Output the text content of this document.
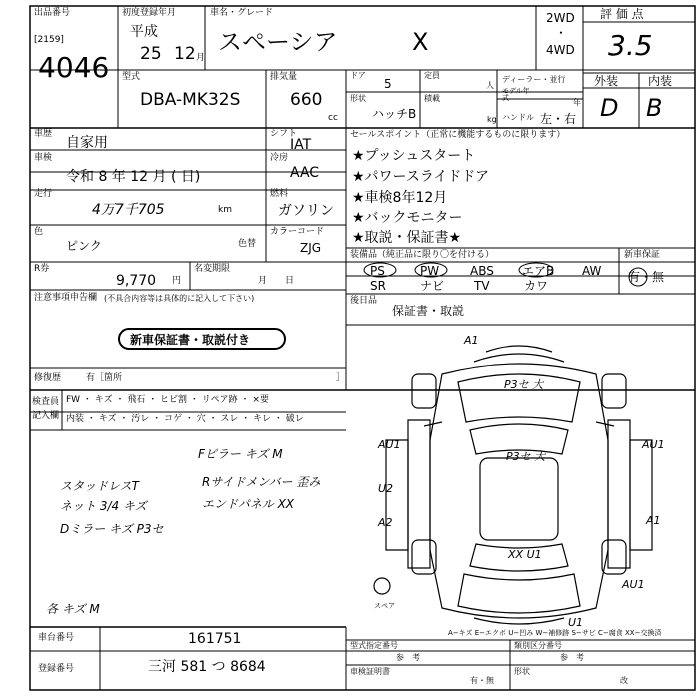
出品番号
[2159]
4046
初度登録年月
平成
25 12 月
車名・グレード
スペーシア	X
2WD
・
4WD
評 価 点
3.5
外装 内装
D B
型式
DBA-MK32S
排気量
660
cc
ドア
5
定員
人
形状
ハッチB
積載
kg
ディーラー・並行
モデル年式	年
ハンドル 左・右
車歴
自家用
シフト
IAT
車検
令和 8 年 12 月 ( 日)
冷房
AAC
走行
4万7千705	km
燃料
ガソリン
色
ピンク	色替
カラーコード
ZJG
R券
9,770 円
名変期限
月　　日
セールスポイント（正常に機能するものに限ります）
★プッシュスタート
★パワースライドドア
★車検8年12月
★バックモニター
★取説・保証書★
装備品（純正品に限り〇を付ける）	新車保証
PS	PW	ABS エアB AW
SR	ナビ TV	カワ
有・無
注意事項申告欄 (不具合内容等は具体的に記入して下さい)
新車保証書・取説付き
修復歴	有［箇所	］
後日品
保証書・取説
検査員
記入欄
FW ・ キズ ・ 飛石 ・ ヒビ割 ・ リペア跡 ・ ×要
内装 ・ キズ ・ 汚レ ・ コゲ ・ 穴 ・ スレ ・ キレ ・ 破レ
Fピラー キズ M
スタッドレスT
ネット 3/4 キズ
Rサイドメンバー 歪み
エンドパネル XX
Dミラー キズ P3セ
各 キズ M
A1
P3セ 大
P3セ 大
AU1	AU1
U2
A2	A1
XX U1
AU1
U1
スペア
A−キズ E−エクボ U−凹み W−補修跡 S−サビ C−腐食 XX−交換済
車台番号	161751
登録番号	三河 581 つ 8684
型式指定番号
参　考
類別区分番号
参　考
車検証明書
有・無
形状
改
